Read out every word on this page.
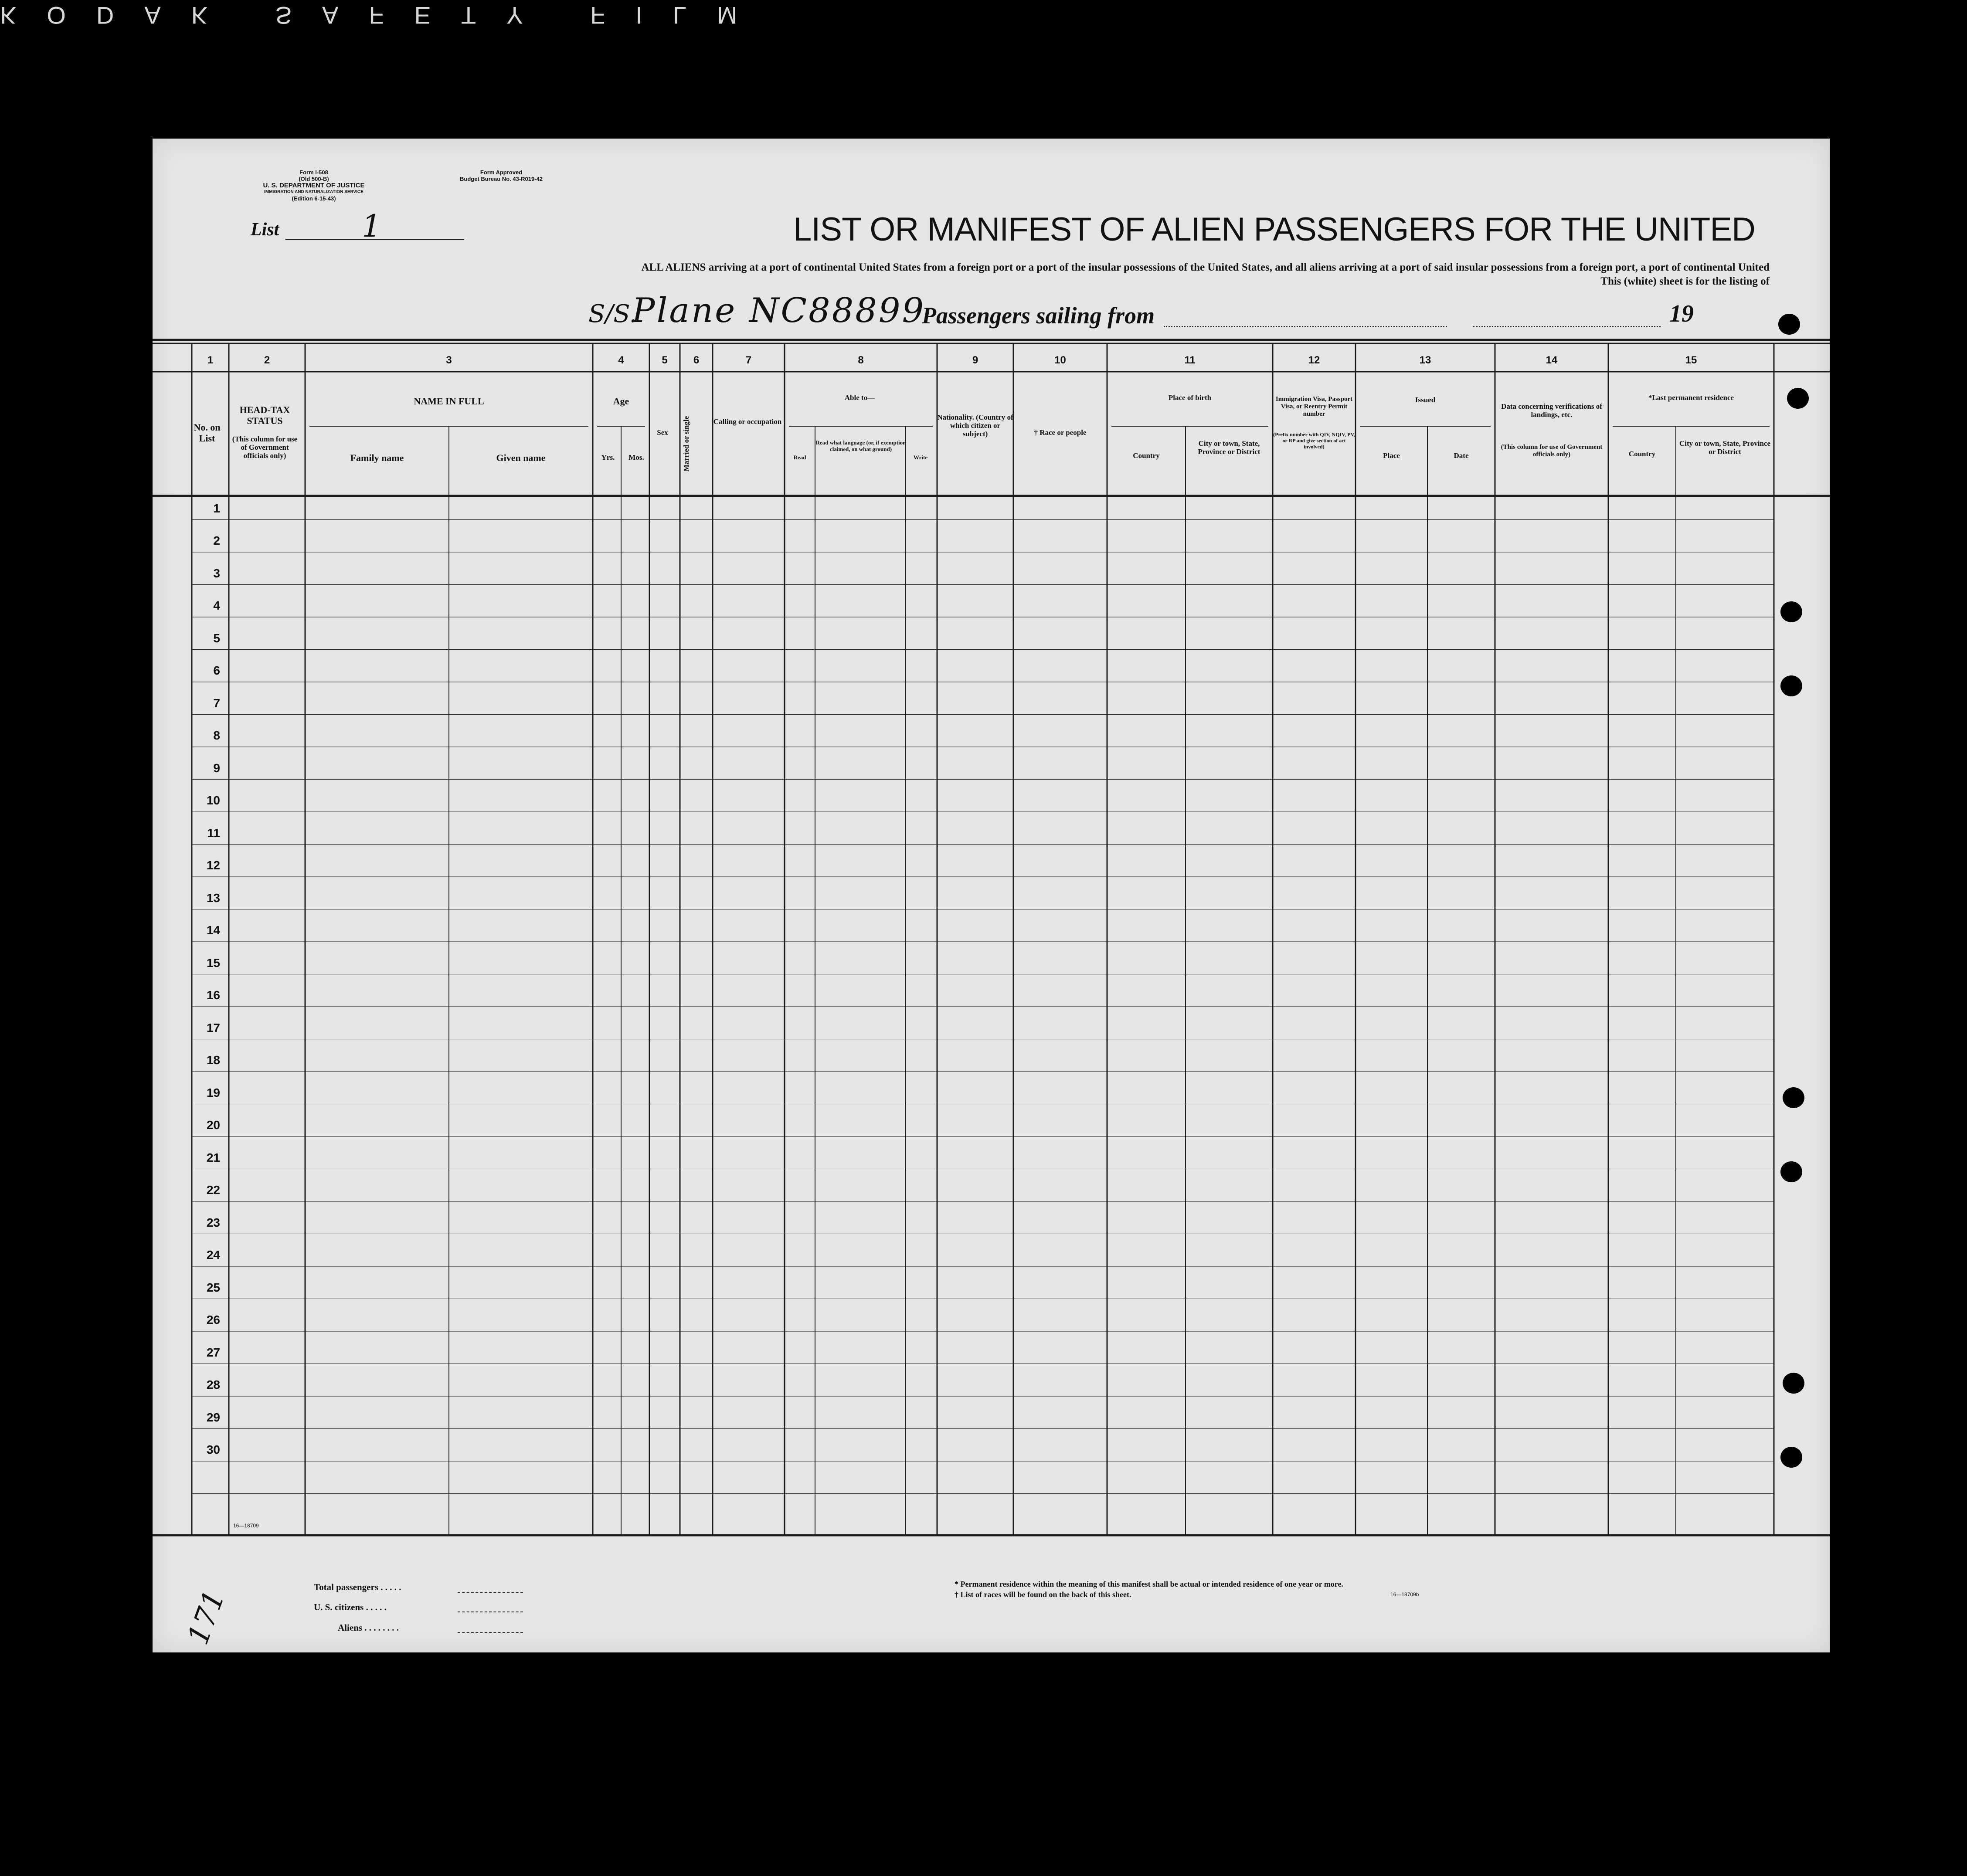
KODAK SAFETY FILM
Form I-508
(Old 500-B)
U. S. DEPARTMENT OF JUSTICE
IMMIGRATION AND NATURALIZATION SERVICE
(Edition 6-15-43)
Form Approved
Budget Bureau No. 43-R019-42
List	1	LIST OR MANIFEST OF ALIEN PASSENGERS FOR THE UNITED
ALL ALIENS arriving at a port of continental United States from a foreign port or a port of the insular possessions of the United States, and all aliens arriving at a port of said insular possessions from a foreign port, a port of continental United
This (white) sheet is for the listing of
S/S.
Plane NC88899
Passengers sailing from	19
1	2	3	4	5	6	7	8	9	10	11	12	13	14	15
No. on List
HEAD-TAX STATUS
(This column for use of Government officials only)
NAME IN FULL
Family name	Given name
Age
Yrs.	Mos.
Sex	Married or single	Calling or occupation
Able to—
Read
Read what language (or, if exemption claimed, on what ground)
Write
Nationality. (Country of which citizen or subject)	† Race or people
Place of birth
Country
City or town, State, Province or District
Immigration Visa, Passport Visa, or Reentry Permit number
(Prefix number with QIV, NQIV, PV, or RP and give section of act involved)
Issued
Place	Date
Data concerning verifications of landings, etc.
(This column for use of Government officials only)
*Last permanent residence
Country
City or town, State, Province or District
1
2
3
4
5
6
7
8
9
10
11
12
13
14
15
16
17
18
19
20
21
22
23
24
25
26
27
28
29
30
16—18709
Total passengers . . . . .
U. S. citizens . . . . .
Aliens . . . . . . . .
* Permanent residence within the meaning of this manifest shall be actual or intended residence of one year or more.
† List of races will be found on the back of this sheet.	16—18709b
171
